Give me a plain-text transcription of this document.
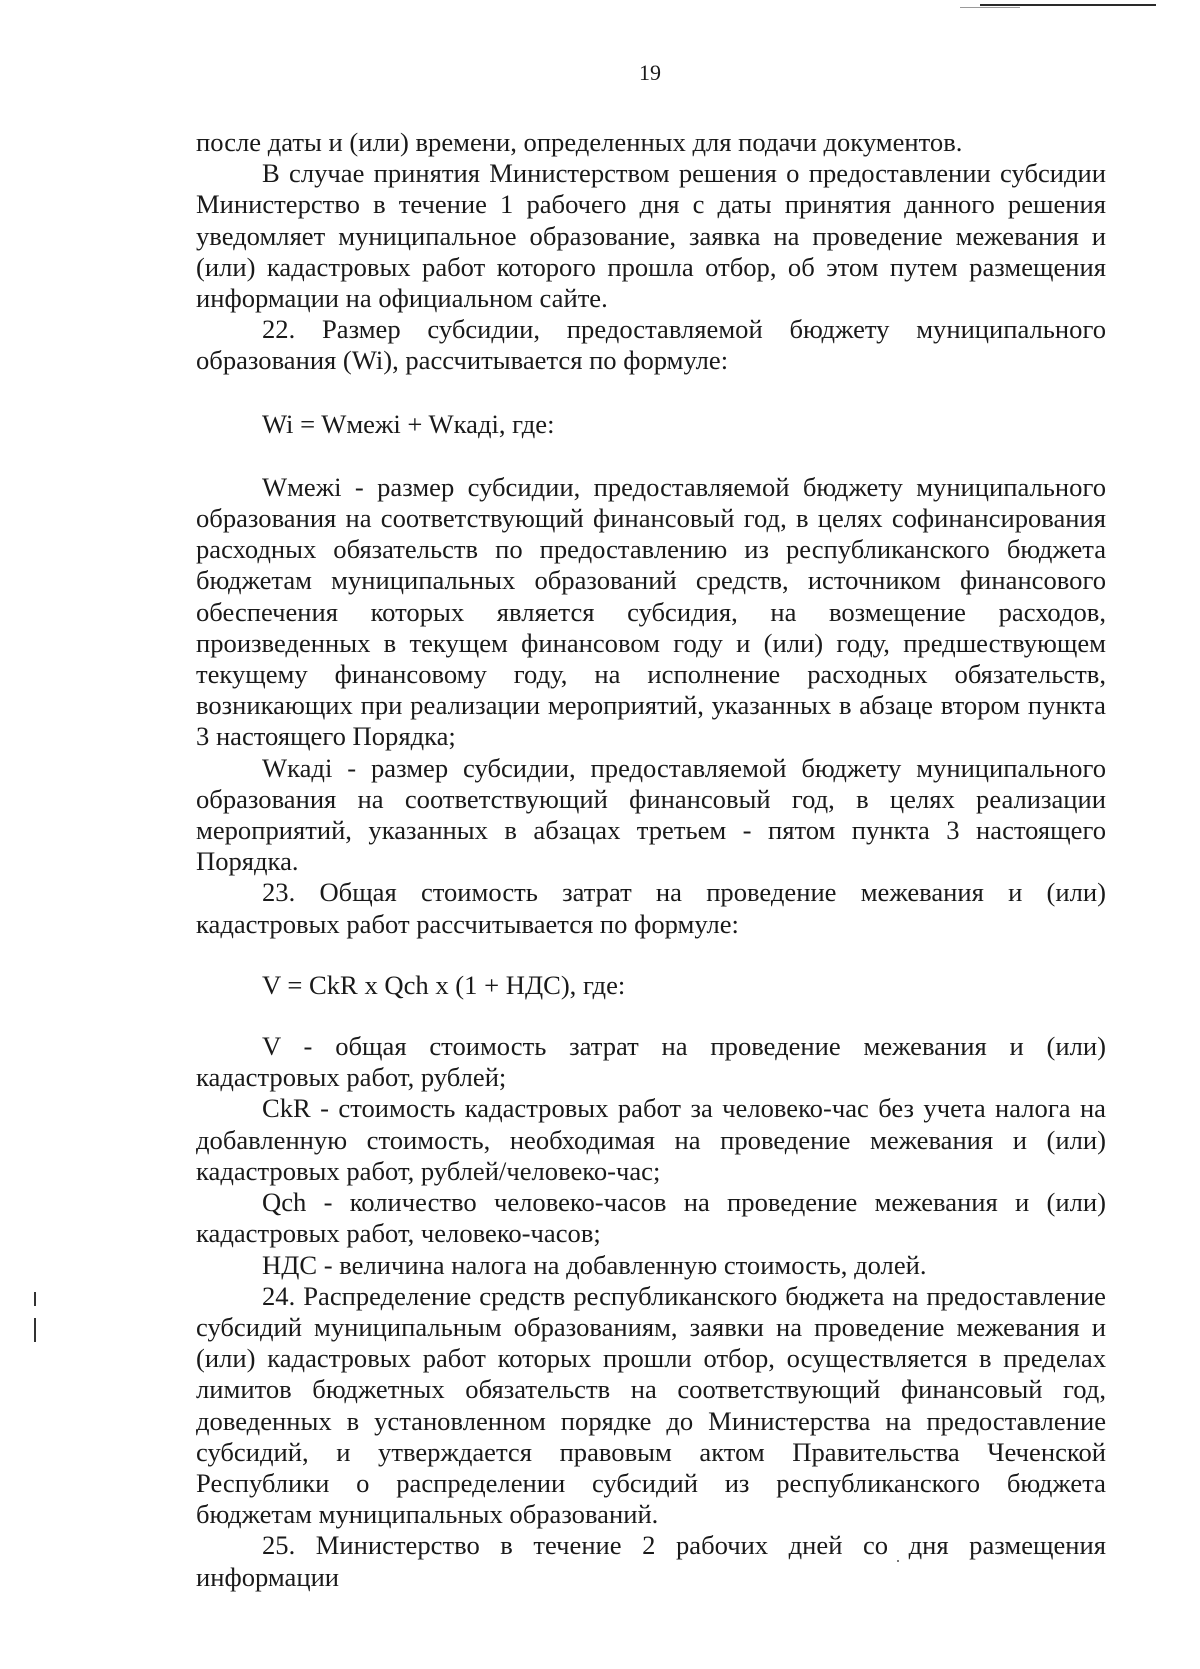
19

после даты и (или) времени, определенных для подачи документов.

В случае принятия Министерством решения о предоставлении субсидии Министерство в течение 1 рабочего дня с даты принятия данного решения уведомляет муниципальное образование, заявка на проведение межевания и (или) кадастровых работ которого прошла отбор, об этом путем размещения информации на официальном сайте.

22. Размер субсидии, предоставляемой бюджету муниципального образования (Wi), рассчитывается по формуле:

Wi = Wмежi + Wкадi, где:

Wмежi - размер субсидии, предоставляемой бюджету муниципального образования на соответствующий финансовый год, в целях софинансирования расходных обязательств по предоставлению из республиканского бюджета бюджетам муниципальных образований средств, источником финансового обеспечения которых является субсидия, на возмещение расходов, произведенных в текущем финансовом году и (или) году, предшествующем текущему финансовому году, на исполнение расходных обязательств, возникающих при реализации мероприятий, указанных в абзаце втором пункта 3 настоящего Порядка;

Wкадi - размер субсидии, предоставляемой бюджету муниципального образования на соответствующий финансовый год, в целях реализации мероприятий, указанных в абзацах третьем - пятом пункта 3 настоящего Порядка.

23. Общая стоимость затрат на проведение межевания и (или) кадастровых работ рассчитывается по формуле:

V = CkR x Qch x (1 + НДС), где:

V - общая стоимость затрат на проведение межевания и (или) кадастровых работ, рублей;

CkR - стоимость кадастровых работ за человеко-час без учета налога на добавленную стоимость, необходимая на проведение межевания и (или) кадастровых работ, рублей/человеко-час;

Qch - количество человеко-часов на проведение межевания и (или) кадастровых работ, человеко-часов;

НДС - величина налога на добавленную стоимость, долей.

24. Распределение средств республиканского бюджета на предоставление субсидий муниципальным образованиям, заявки на проведение межевания и (или) кадастровых работ которых прошли отбор, осуществляется в пределах лимитов бюджетных обязательств на соответствующий финансовый год, доведенных в установленном порядке до Министерства на предоставление субсидий, и утверждается правовым актом Правительства Чеченской Республики о распределении субсидий из республиканского бюджета бюджетам муниципальных образований.

25. Министерство в течение 2 рабочих дней со дня размещения информации
